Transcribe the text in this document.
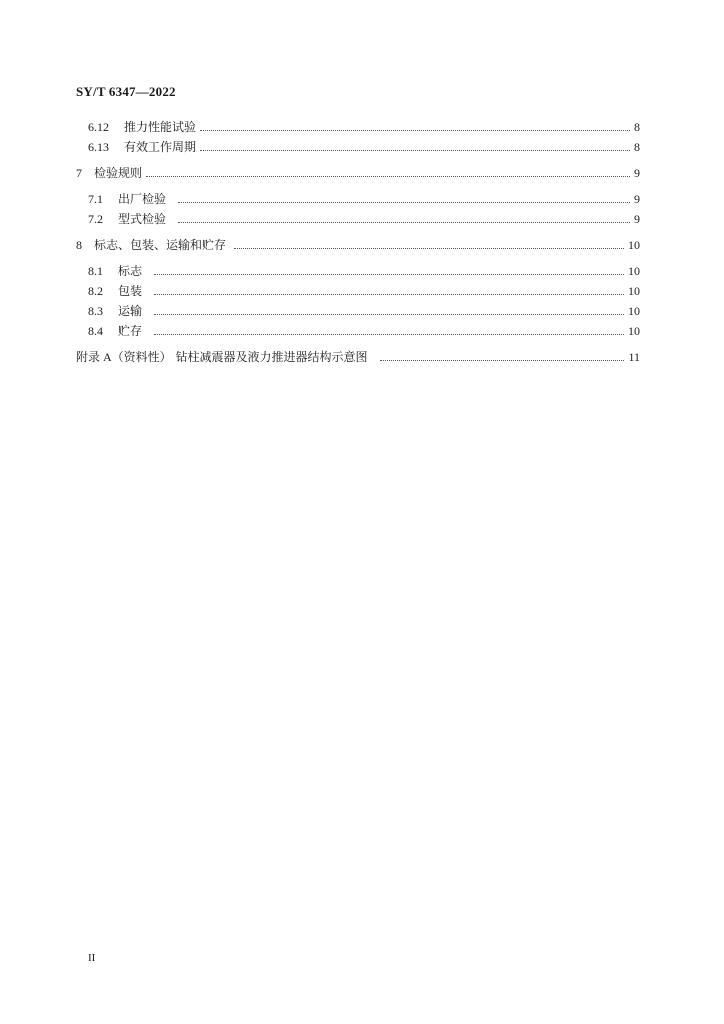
SY/T 6347—2022
6.12	推力性能试验	8
6.13	有效工作周期	8
7	检验规则	9
7.1	出厂检验	9
7.2	型式检验	9
8	标志、包装、运输和贮存	10
8.1	标志	10
8.2	包装	10
8.3	运输	10
8.4	贮存	10
附录 A （资料性） 钻柱减震器及液力推进器结构示意图	11
II
